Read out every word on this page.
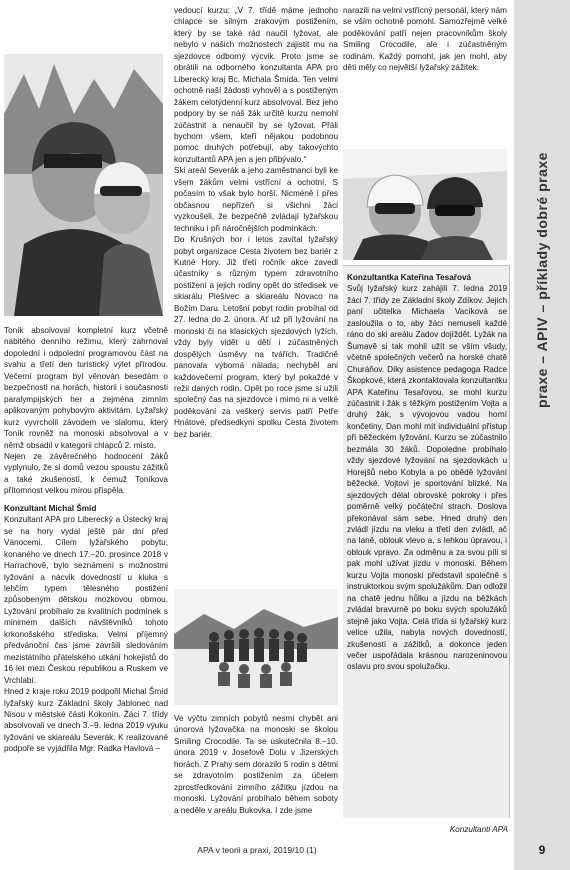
Toník absolvoval kompletní kurz včetně nabitého denního režimu, který zahrnoval dopolední i odpolední programovou část na svahu a třetí den turistický výlet přírodou. Večerní program byl věnován besedám o bezpečnosti na horách, historii i současnosti paralympijských her a zejména zimním aplikovaným pohybovým aktivitám. Lyžařský kurz vyvrcholil závodem ve slalomu, který Toník rovněž na monoski absolvoval a v němž obsadil v kategorii chlapců 2. místo.

Nejen ze závěrečného hodnocení žáků vyplynulo, že si domů vezou spoustu zážitků a také zkušeností, k čemuž Toníkova přítomnost velkou mírou přispěla.

Konzultant Michal Šmíd

Konzultant APA pro Liberecký a Ústecký kraj se na hory vydal ještě pár dní před Vánocemi. Cílem lyžařského pobytu, konaného ve dnech 17.–20. prosince 2018 v Harrachově, bylo seznámení s možnostmi lyžování a nácvik dovedností u kluka s lehčím typem tělesného postižení způsobeným dětskou mozkovou obrnou. Lyžování probíhalo za kvalitních podmínek s minimem dalších návštěvníků tohoto krkonošského střediska. Velmi příjemný předvánoční čas jsme završili sledováním mezistátního přátelského utkání hokejistů do 16 let mezi Českou republikou a Ruskem ve Vrchlabí.

Hned z kraje roku 2019 podpořil Michal Šmíd lyžařský kurz Základní školy Jablonec nad Nisou v městské části Kokonín. Žáci 7. třídy absolvovali ve dnech 3.–9. ledna 2019 výuku lyžování ve skiareálu Severák. K realizované podpoře se vyjádřila Mgr. Radka Havlová –

vedoucí kurzu: „V 7. třídě máme jednoho chlapce se silným zrakovým postižením, který by se také rád naučil lyžovat, ale nebylo v našich možnostech zajistit mu na sjezdovce odborný výcvik. Proto jsme se obrátili na odborného konzultanta APA pro Liberecký kraj Bc. Michala Šmída. Ten velmi ochotně naší žádosti vyhověl a s postiženým žákem celotýdenní kurz absolvoval. Bez jeho podpory by se náš žák určitě kurzu nemohl zúčastnit a nenaučil by se lyžovat. Přáli bychom všem, kteří nějakou podobnou pomoc druhých potřebují, aby takovýchto konzultantů APA jen a jen přibývalo.“

Ski areál Severák a jeho zaměstnanci byli ke všem žákům velmi vstřícní a ochotní. S počasím to však bylo horší. Nicméně i přes občasnou nepřízeň si všichni žáci vyzkoušeli, že bezpečně zvládají lyžařskou techniku i při náročnějších podmínkách.

Do Krušných hor i letos zavítal lyžařský pobyt organizace Cesta životem bez bariér z Kutné Hory. Již třetí ročník akce zavedl účastníky s různým typem zdravotního postižení a jejich rodiny opět do středisek ve skiarálu Plešivec a skiareálu Novaco na Božím Daru. Letošní pobyt rodin probíhal od 27. ledna do 2. února. Ať už při lyžování na monoski či na klasických sjezdových lyžích, vždy byly vidět u dětí i zúčastněných dospělých úsměvy na tvářích. Tradičně panovala výborná nálada, nechyběl ani každovečerní program, který byl pokaždé v režii daných rodin. Opět po roce jsme si užili společný čas na sjezdovce i mimo ni a velké poděkování za veškerý servis patří Petře Hnátové, předsedkyni spolku Cesta životem bez bariér.

Ve výčtu zimních pobytů nesmí chybět ani únorová lyžovačka na monoski se školou Smiling Crocodile. Ta se uskutečnila 8.–10. února 2019 v Josefově Dolu v Jizerských horách. Z Prahy sem dorazilo 5 rodin s dětmi se zdravotním postižením za účelem zprostředkování zimního zážitku jízdou na monoski. Lyžování probíhalo během soboty a neděle v areálu Bukovka. I zde jsme

narazili na velmi vstřícný personál, který nám se vším ochotně pomohl. Samozřejmě velké poděkování patří nejen pracovníkům školy Smiling Crocodile, ale i zúčastněným rodinám. Každý pomohl, jak jen mohl, aby děti měly co největší lyžařský zážitek.

Konzultantka Kateřina Tesařová

Svůj lyžařský kurz zahájili 7. ledna 2019 žáci 7. třídy ze Základní školy Zdíkov. Jejich paní učitelka Michaela Vacíková se zasloužila o to, aby žáci nemuseli každé ráno do ski areálu Zadov dojíždět. Lyžák na Šumavě si tak mohli užít se vším všudy, včetně společných večerů na horské chatě Churáňov. Díky asistence pedagoga Radce Škopkové, která zkontaktovala konzultantku APA Kateřinu Tesařovou, se mohl kurzu zúčastnit i žák s těžkým postižením Vojta a druhý žák, s vývojovou vadou horní končetiny, Dan mohl mít individuální přístup při běžeckém lyžování. Kurzu se zúčastnilo bezmála 30 žáků. Dopoledne probíhalo vždy sjezdové lyžování na sjezdovkách u Horejšů nebo Kobyla a po obědě lyžování běžecké. Vojtovi je sportování blízké. Na sjezdových délal obrovské pokroky i přes poměrně velký počáteční strach. Doslova překonával sám sebe. Hned druhý den zvládl jízdu na vleku a třetí den zvládl, ač na laně, oblouk vlevo a, s lehkou úpravou, i oblouk vpravo. Za odměnu a za svou píli si pak mohl užívat jízdu v monoski. Během kurzu Vojta monoski představil společně s instruktorkou svým spolužákům. Dan odložil na chatě jednu hůlku a jízdu na běžkách zvládal bravurně po boku svých spolužáků stejně jako Vojta. Celá třída si lyžařský kurz velice užila, nabyla nových dovedností, zkušeností a zážitků, a dokonce jeden večer uspořádala krásnou narozeninovou oslavu pro svou spolužačku.

Konzultanti APA
praxe – APIV – příklady dobré praxe
APA v teorii a praxi, 2019/10 (1)	9
